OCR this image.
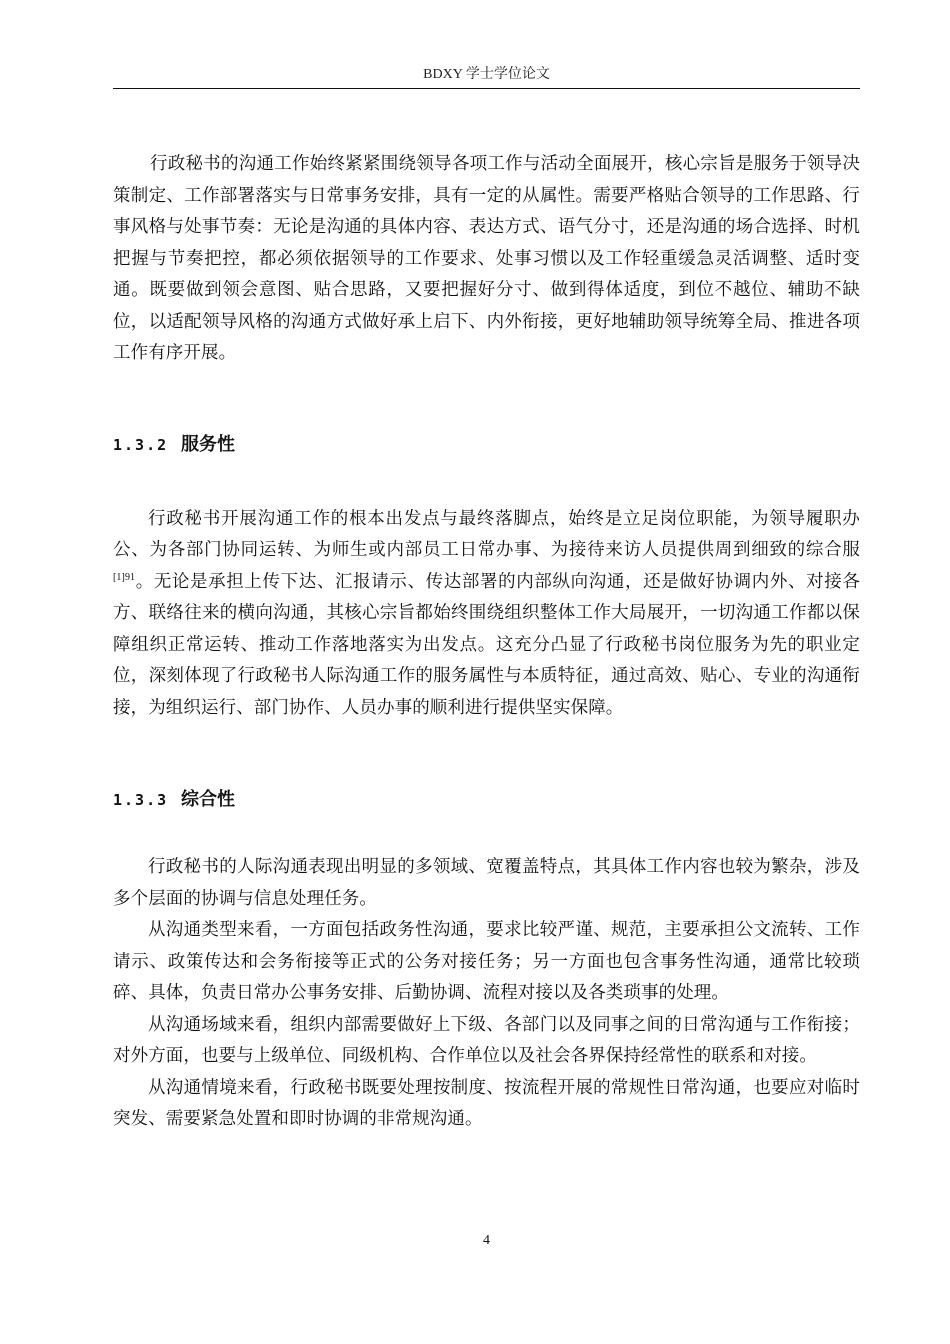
BDXY 学士学位论文

行政秘书的沟通工作始终紧紧围绕领导各项工作与活动全面展开，核心宗旨是服务于领导决策制定、工作部署落实与日常事务安排，具有一定的从属性。需要严格贴合领导的工作思路、行事风格与处事节奏：无论是沟通的具体内容、表达方式、语气分寸，还是沟通的场合选择、时机把握与节奏把控，都必须依据领导的工作要求、处事习惯以及工作轻重缓急灵活调整、适时变通。既要做到领会意图、贴合思路，又要把握好分寸、做到得体适度，到位不越位、辅助不缺位，以适配领导风格的沟通方式做好承上启下、内外衔接，更好地辅助领导统筹全局、推进各项工作有序开展。

1.3.2 服务性

行政秘书开展沟通工作的根本出发点与最终落脚点，始终是立足岗位职能，为领导履职办公、为各部门协同运转、为师生或内部员工日常办事、为接待来访人员提供周到细致的综合服$^{[1]91}$。无论是承担上传下达、汇报请示、传达部署的内部纵向沟通，还是做好协调内外、对接各方、联络往来的横向沟通，其核心宗旨都始终围绕组织整体工作大局展开，一切沟通工作都以保障组织正常运转、推动工作落地落实为出发点。这充分凸显了行政秘书岗位服务为先的职业定位，深刻体现了行政秘书人际沟通工作的服务属性与本质特征，通过高效、贴心、专业的沟通衔接，为组织运行、部门协作、人员办事的顺利进行提供坚实保障。

1.3.3 综合性

行政秘书的人际沟通表现出明显的多领域、宽覆盖特点，其具体工作内容也较为繁杂，涉及多个层面的协调与信息处理任务。

从沟通类型来看，一方面包括政务性沟通，要求比较严谨、规范，主要承担公文流转、工作请示、政策传达和会务衔接等正式的公务对接任务；另一方面也包含事务性沟通，通常比较琐碎、具体，负责日常办公事务安排、后勤协调、流程对接以及各类琐事的处理。

从沟通场域来看，组织内部需要做好上下级、各部门以及同事之间的日常沟通与工作衔接；对外方面，也要与上级单位、同级机构、合作单位以及社会各界保持经常性的联系和对接。

从沟通情境来看，行政秘书既要处理按制度、按流程开展的常规性日常沟通，也要应对临时突发、需要紧急处置和即时协调的非常规沟通。

4
